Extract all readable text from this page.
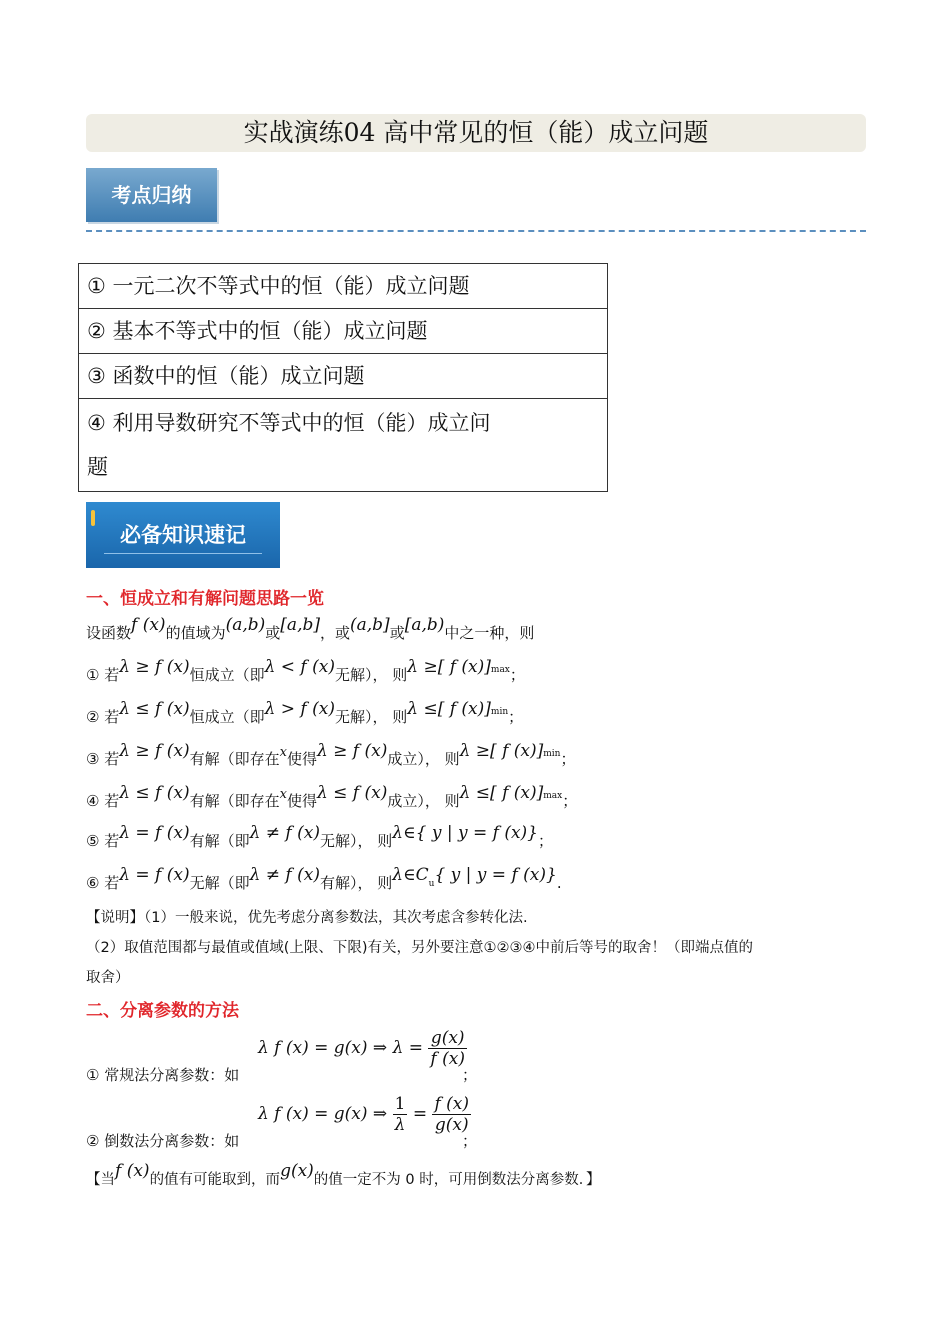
实战演练04 高中常见的恒（能）成立问题
考点归纳
① 一元二次不等式中的恒（能）成立问题
② 基本不等式中的恒（能）成立问题
③ 函数中的恒（能）成立问题
④ 利用导数研究不等式中的恒（能）成立问
题
必备知识速记
一、恒成立和有解问题思路一览
设函数f (x)的值域为(a,b)或[a,b]，或(a,b]或[a,b)中之一种，则
① 若λ ≥ f (x)恒成立（即λ < f (x)无解）， 则λ ≥[ f (x)]$^{max}$；
② 若λ ≤ f (x)恒成立（即λ > f (x)无解）， 则λ ≤[ f (x)]$^{min}$；
③ 若λ ≥ f (x)有解（即存在x使得λ ≥ f (x)成立）， 则λ ≥[ f (x)]$^{min}$；
④ 若λ ≤ f (x)有解（即存在x使得λ ≤ f (x)成立）， 则λ ≤[ f (x)]$^{max}$；
⑤ 若λ = f (x)有解（即λ ≠ f (x)无解）， 则λ∈{ y | y = f (x)}；
⑥ 若λ = f (x)无解（即λ ≠ f (x)有解）， 则λ∈Cu{ y | y = f (x)}.
【说明】（1）一般来说，优先考虑分离参数法，其次考虑含参转化法.
（2）取值范围都与最值或值域(上限、下限)有关，另外要注意①②③④中前后等号的取舍！（即端点值的
取舍）
二、分离参数的方法
λ f (x) = g(x) ⇒ $\lambda = \frac{g(x)}{f (x)}$
① 常规法分离参数：如	；
λ f (x) = g(x) ⇒ $\frac{1}{\lambda} = \frac{f (x)}{g(x)}$
② 倒数法分离参数：如	；
【当f (x)的值有可能取到，而g(x)的值一定不为 0 时，可用倒数法分离参数．】
